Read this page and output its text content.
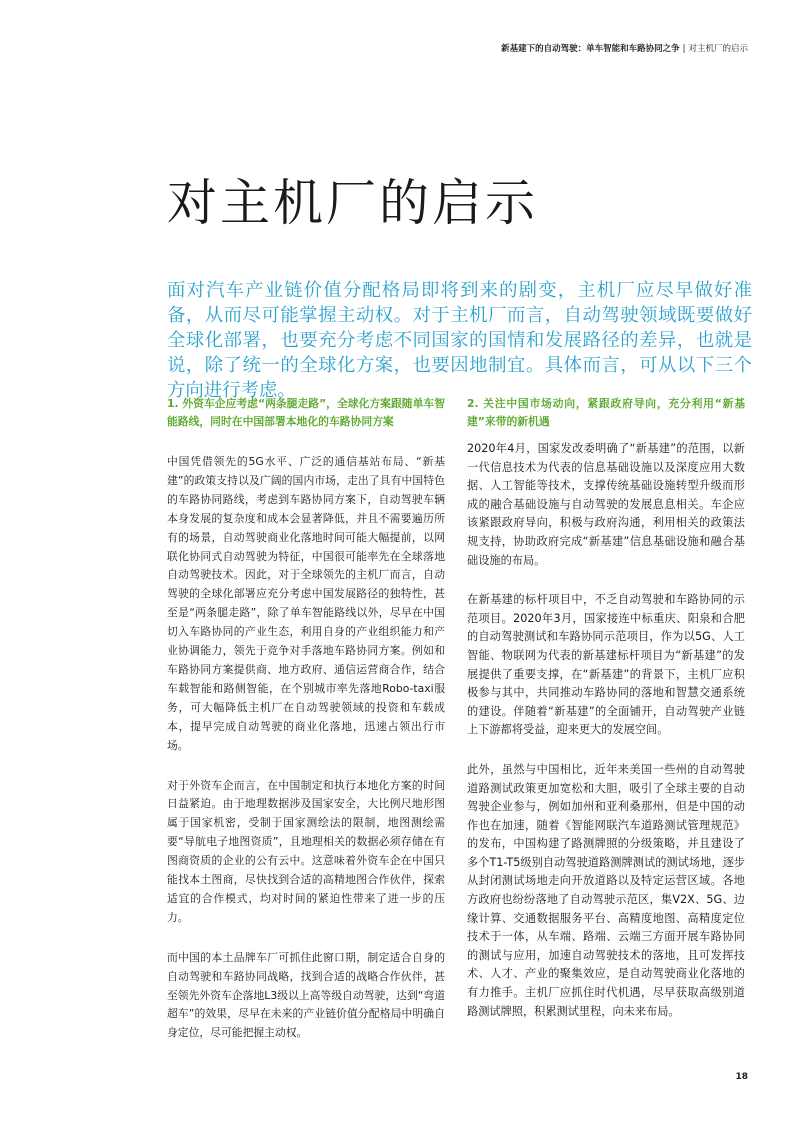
新基建下的自动驾驶：单车智能和车路协同之争 | 对主机厂的启示
对主机厂的启示

面对汽车产业链价值分配格局即将到来的剧变，主机厂应尽早做好准备，从而尽可能掌握主动权。对于主机厂而言，自动驾驶领域既要做好全球化部署，也要充分考虑不同国家的国情和发展路径的差异，也就是说，除了统一的全球化方案，也要因地制宜。具体而言，可从以下三个方向进行考虑。

1. 外资车企应考虑“两条腿走路”，全球化方案跟随单车智能路线，同时在中国部署本地化的车路协同方案

中国凭借领先的5G水平、广泛的通信基站布局、“新基建”的政策支持以及广阔的国内市场，走出了具有中国特色的车路协同路线，考虑到车路协同方案下，自动驾驶车辆本身发展的复杂度和成本会显著降低，并且不需要遍历所有的场景，自动驾驶商业化落地时间可能大幅提前，以网联化协同式自动驾驶为特征，中国很可能率先在全球落地自动驾驶技术。因此，对于全球领先的主机厂而言，自动驾驶的全球化部署应充分考虑中国发展路径的独特性，甚至是“两条腿走路”，除了单车智能路线以外，尽早在中国切入车路协同的产业生态，利用自身的产业组织能力和产业协调能力，领先于竞争对手落地车路协同方案。例如和车路协同方案提供商、地方政府、通信运营商合作，结合车载智能和路侧智能，在个别城市率先落地Robo-taxi服务，可大幅降低主机厂在自动驾驶领域的投资和车载成本，提早完成自动驾驶的商业化落地，迅速占领出行市场。

对于外资车企而言，在中国制定和执行本地化方案的时间日益紧迫。由于地理数据涉及国家安全，大比例尺地形图属于国家机密，受制于国家测绘法的限制，地图测绘需要“导航电子地图资质”，且地理相关的数据必须存储在有图商资质的企业的公有云中。这意味着外资车企在中国只能找本土图商，尽快找到合适的高精地图合作伙伴，探索适宜的合作模式，均对时间的紧迫性带来了进一步的压力。

而中国的本土品牌车厂可抓住此窗口期，制定适合自身的自动驾驶和车路协同战略，找到合适的战略合作伙伴，甚至领先外资车企落地L3级以上高等级自动驾驶，达到“弯道超车”的效果，尽早在未来的产业链价值分配格局中明确自身定位，尽可能把握主动权。

2. 关注中国市场动向，紧跟政府导向，充分利用“新基建”来带的新机遇

2020年4月，国家发改委明确了“新基建”的范围，以新一代信息技术为代表的信息基础设施以及深度应用大数据、人工智能等技术，支撑传统基础设施转型升级而形成的融合基础设施与自动驾驶的发展息息相关。车企应该紧跟政府导向，积极与政府沟通，利用相关的政策法规支持，协助政府完成“新基建”信息基础设施和融合基础设施的布局。

在新基建的标杆项目中，不乏自动驾驶和车路协同的示范项目。2020年3月，国家接连中标重庆、阳泉和合肥的自动驾驶测试和车路协同示范项目，作为以5G、人工智能、物联网为代表的新基建标杆项目为“新基建”的发展提供了重要支撑，在“新基建”的背景下，主机厂应积极参与其中，共同推动车路协同的落地和智慧交通系统的建设。伴随着“新基建”的全面铺开，自动驾驶产业链上下游都将受益，迎来更大的发展空间。

此外，虽然与中国相比，近年来美国一些州的自动驾驶道路测试政策更加宽松和大胆，吸引了全球主要的自动驾驶企业参与，例如加州和亚利桑那州，但是中国的动作也在加速，随着《智能网联汽车道路测试管理规范》的发布，中国构建了路测牌照的分级策略，并且建设了多个T1-T5级别自动驾驶道路测牌测试的测试场地，逐步从封闭测试场地走向开放道路以及特定运营区域。各地方政府也纷纷落地了自动驾驶示范区，集V2X、5G、边缘计算、交通数据服务平台、高精度地图、高精度定位技术于一体，从车端、路端、云端三方面开展车路协同的测试与应用，加速自动驾驶技术的落地，且可发挥技术、人才、产业的聚集效应，是自动驾驶商业化落地的有力推手。主机厂应抓住时代机遇，尽早获取高级别道路测试牌照，积累测试里程，向未来布局。

18
